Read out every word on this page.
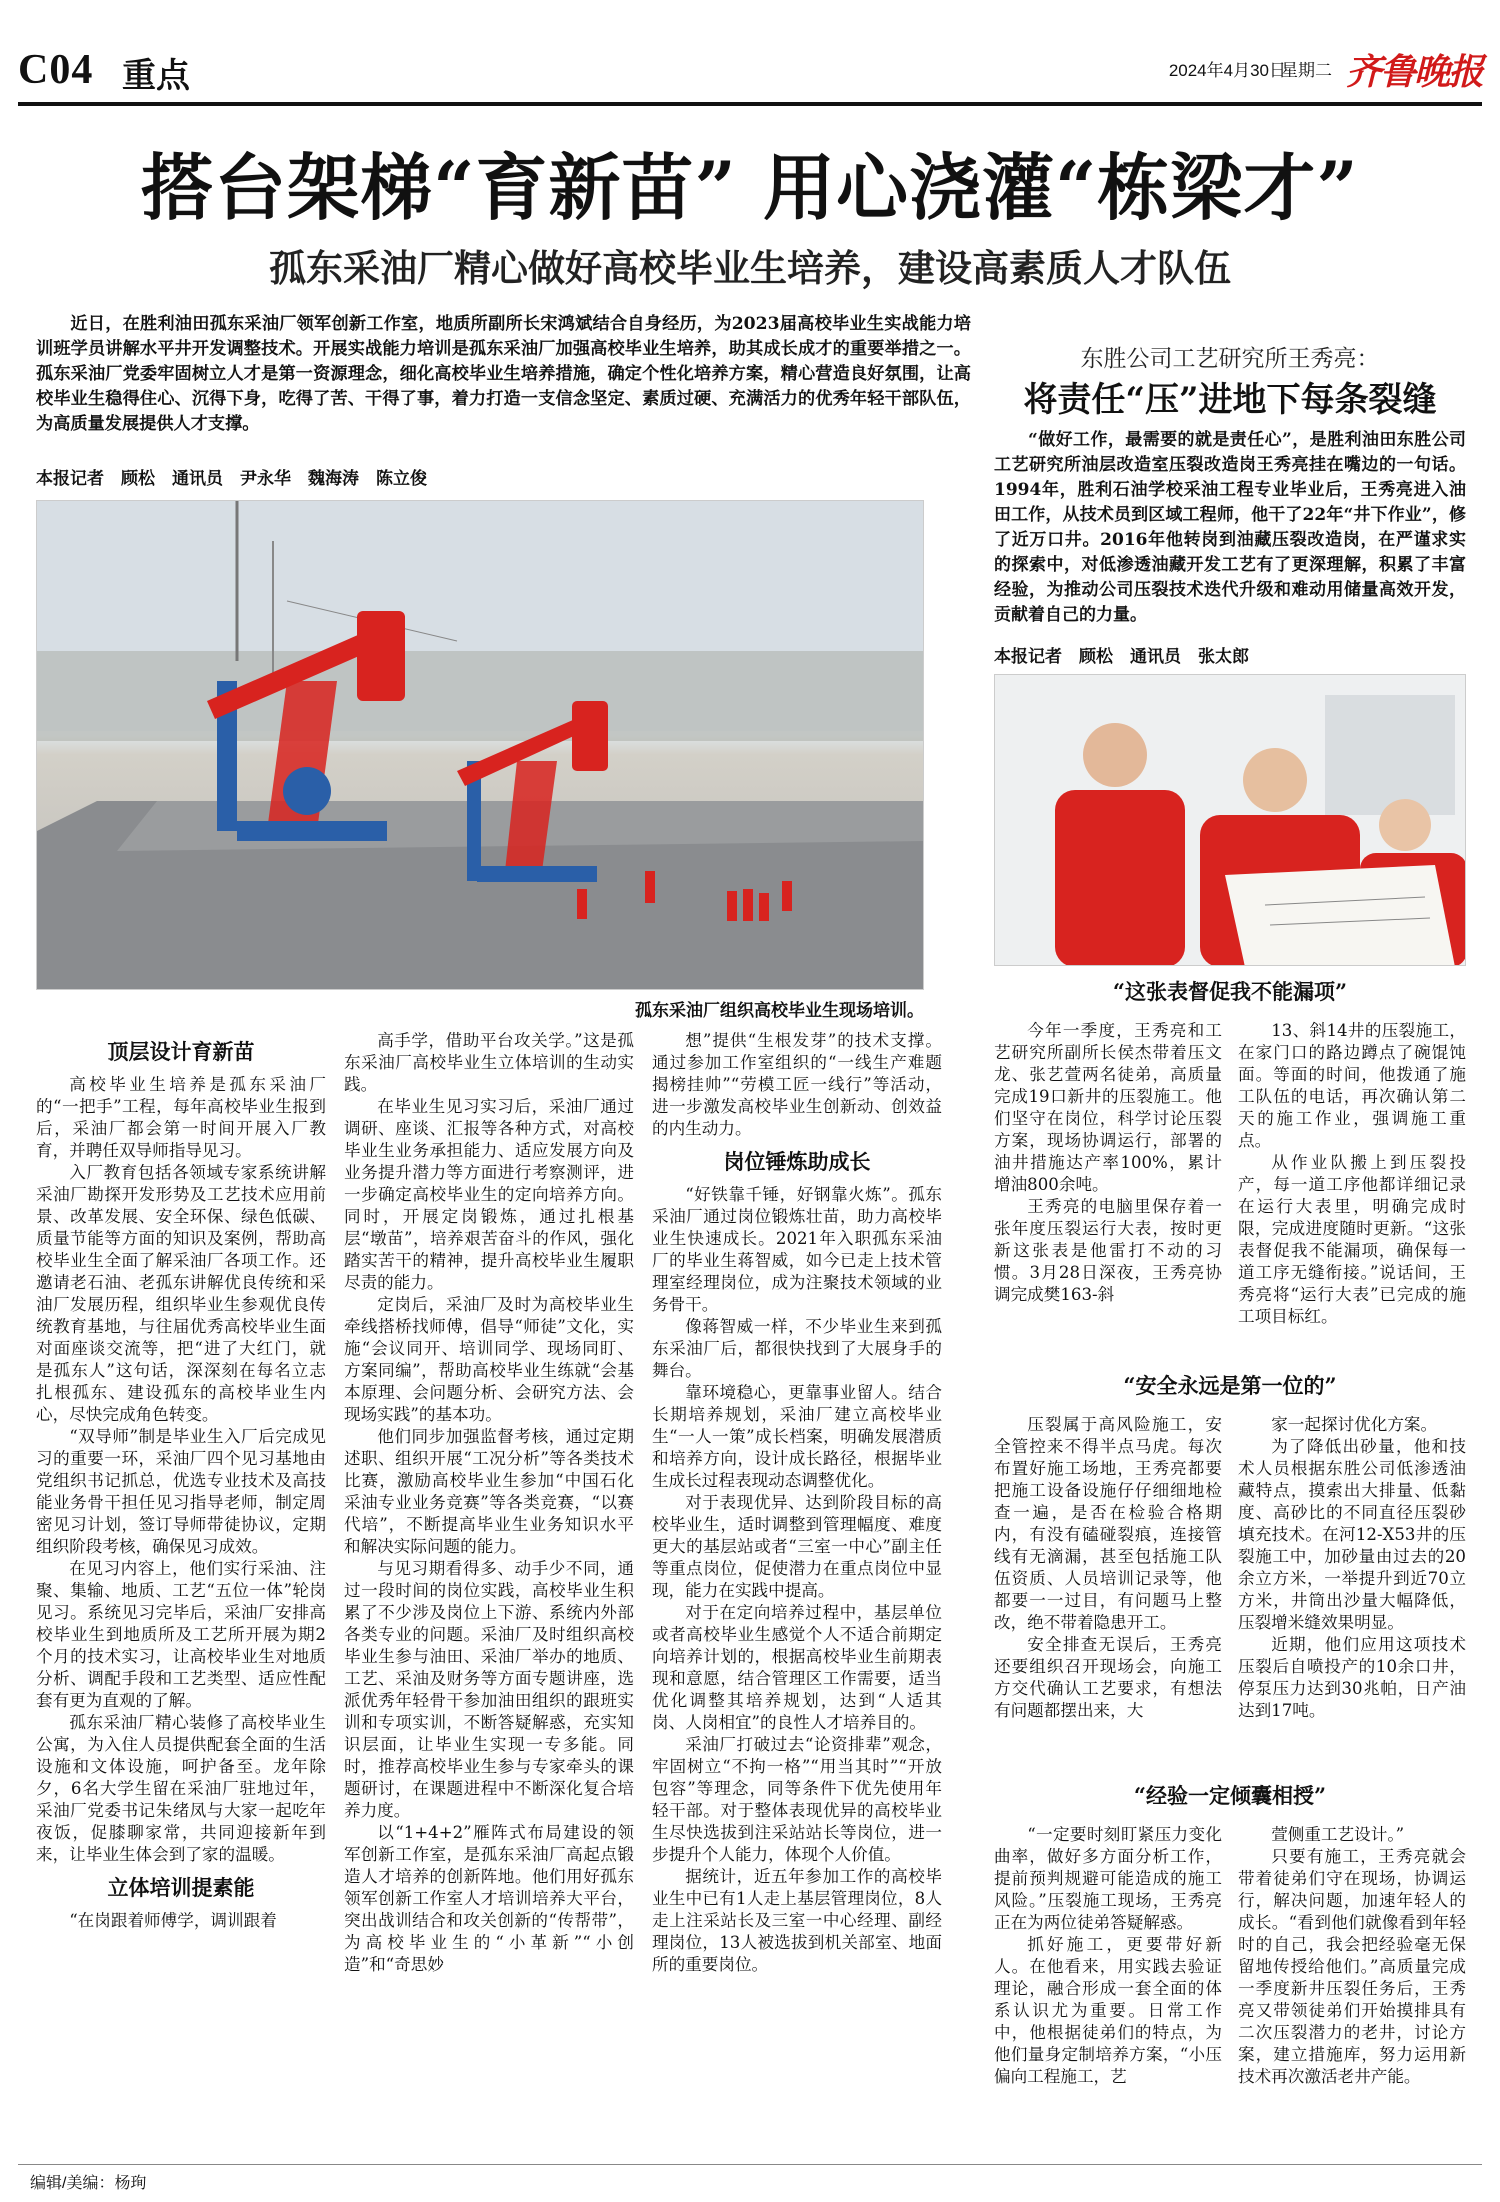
C04 重点	2024年4月30日
星期二 齐鲁晚报
搭台架梯“育新苗” 用心浇灌“栋梁才”
孤东采油厂精心做好高校毕业生培养，建设高素质人才队伍

近日，在胜利油田孤东采油厂领军创新工作室，地质所副所长宋鸿斌结合自身经历，为2023届高校毕业生实战能力培训班学员讲解水平井开发调整技术。开展实战能力培训是孤东采油厂加强高校毕业生培养，助其成长成才的重要举措之一。孤东采油厂党委牢固树立人才是第一资源理念，细化高校毕业生培养措施，确定个性化培养方案，精心营造良好氛围，让高校毕业生稳得住心、沉得下身，吃得了苦、干得了事，着力打造一支信念坚定、素质过硬、充满活力的优秀年轻干部队伍，为高质量发展提供人才支撑。

本报记者　顾松　通讯员　尹永华　魏海涛　陈立俊
孤东采油厂组织高校毕业生现场培训。
顶层设计育新苗

高校毕业生培养是孤东采油厂的“一把手”工程，每年高校毕业生报到后，采油厂都会第一时间开展入厂教育，并聘任双导师指导见习。

入厂教育包括各领域专家系统讲解采油厂勘探开发形势及工艺技术应用前景、改革发展、安全环保、绿色低碳、质量节能等方面的知识及案例，帮助高校毕业生全面了解采油厂各项工作。还邀请老石油、老孤东讲解优良传统和采油厂发展历程，组织毕业生参观优良传统教育基地，与往届优秀高校毕业生面对面座谈交流等，把“进了大红门，就是孤东人”这句话，深深刻在每名立志扎根孤东、建设孤东的高校毕业生内心，尽快完成角色转变。

“双导师”制是毕业生入厂后完成见习的重要一环，采油厂四个见习基地由党组织书记抓总，优选专业技术及高技能业务骨干担任见习指导老师，制定周密见习计划，签订导师带徒协议，定期组织阶段考核，确保见习成效。

在见习内容上，他们实行采油、注聚、集输、地质、工艺“五位一体”轮岗见习。系统见习完毕后，采油厂安排高校毕业生到地质所及工艺所开展为期2个月的技术实习，让高校毕业生对地质分析、调配手段和工艺类型、适应性配套有更为直观的了解。

孤东采油厂精心装修了高校毕业生公寓，为入住人员提供配套全面的生活设施和文体设施，呵护备至。龙年除夕，6名大学生留在采油厂驻地过年，采油厂党委书记朱绪凤与大家一起吃年夜饭，促膝聊家常，共同迎接新年到来，让毕业生体会到了家的温暖。

立体培训提素能

“在岗跟着师傅学，调训跟着

高手学，借助平台攻关学。”这是孤东采油厂高校毕业生立体培训的生动实践。

在毕业生见习实习后，采油厂通过调研、座谈、汇报等各种方式，对高校毕业生业务承担能力、适应发展方向及业务提升潜力等方面进行考察测评，进一步确定高校毕业生的定向培养方向。同时，开展定岗锻炼，通过扎根基层“墩苗”，培养艰苦奋斗的作风，强化踏实苦干的精神，提升高校毕业生履职尽责的能力。

定岗后，采油厂及时为高校毕业生牵线搭桥找师傅，倡导“师徒”文化，实施“会议同开、培训同学、现场同盯、方案同编”，帮助高校毕业生练就“会基本原理、会问题分析、会研究方法、会现场实践”的基本功。

他们同步加强监督考核，通过定期述职、组织开展“工况分析”等各类技术比赛，激励高校毕业生参加“中国石化采油专业业务竞赛”等各类竞赛，“以赛代培”，不断提高毕业生业务知识水平和解决实际问题的能力。

与见习期看得多、动手少不同，通过一段时间的岗位实践，高校毕业生积累了不少涉及岗位上下游、系统内外部各类专业的问题。采油厂及时组织高校毕业生参与油田、采油厂举办的地质、工艺、采油及财务等方面专题讲座，选派优秀年轻骨干参加油田组织的跟班实训和专项实训，不断答疑解惑，充实知识层面，让毕业生实现一专多能。同时，推荐高校毕业生参与专家牵头的课题研讨，在课题进程中不断深化复合培养力度。

以“1+4+2”雁阵式布局建设的领军创新工作室，是孤东采油厂高起点锻造人才培养的创新阵地。他们用好孤东领军创新工作室人才培训培养大平台，突出战训结合和攻关创新的“传帮带”，为高校毕业生的“小革新”“小创造”和“奇思妙

想”提供“生根发芽”的技术支撑。通过参加工作室组织的“一线生产难题揭榜挂帅”“劳模工匠一线行”等活动，进一步激发高校毕业生创新动、创效益的内生动力。

岗位锤炼助成长

“好铁靠千锤，好钢靠火炼”。孤东采油厂通过岗位锻炼壮苗，助力高校毕业生快速成长。2021年入职孤东采油厂的毕业生蒋智威，如今已走上技术管理室经理岗位，成为注聚技术领域的业务骨干。

像蒋智威一样，不少毕业生来到孤东采油厂后，都很快找到了大展身手的舞台。

靠环境稳心，更靠事业留人。结合长期培养规划，采油厂建立高校毕业生“一人一策”成长档案，明确发展潜质和培养方向，设计成长路径，根据毕业生成长过程表现动态调整优化。

对于表现优异、达到阶段目标的高校毕业生，适时调整到管理幅度、难度更大的基层站或者“三室一中心”副主任等重点岗位，促使潜力在重点岗位中显现，能力在实践中提高。

对于在定向培养过程中，基层单位或者高校毕业生感觉个人不适合前期定向培养计划的，根据高校毕业生前期表现和意愿，结合管理区工作需要，适当优化调整其培养规划，达到“人适其岗、人岗相宜”的良性人才培养目的。

采油厂打破过去“论资排辈”观念，牢固树立“不拘一格”“用当其时”“开放包容”等理念，同等条件下优先使用年轻干部。对于整体表现优异的高校毕业生尽快选拔到注采站站长等岗位，进一步提升个人能力，体现个人价值。

据统计，近五年参加工作的高校毕业生中已有1人走上基层管理岗位，8人走上注采站长及三室一中心经理、副经理岗位，13人被选拔到机关部室、地面所的重要岗位。

东胜公司工艺研究所王秀亮：
将责任“压”进地下每条裂缝

“做好工作，最需要的就是责任心”，是胜利油田东胜公司工艺研究所油层改造室压裂改造岗王秀亮挂在嘴边的一句话。1994年，胜利石油学校采油工程专业毕业后，王秀亮进入油田工作，从技术员到区域工程师，他干了22年“井下作业”，修了近万口井。2016年他转岗到油藏压裂改造岗，在严谨求实的探索中，对低渗透油藏开发工艺有了更深理解，积累了丰富经验，为推动公司压裂技术迭代升级和难动用储量高效开发，贡献着自己的力量。

本报记者　顾松　通讯员　张太郎
“这张表督促我不能漏项”

今年一季度，王秀亮和工艺研究所副所长侯杰带着压文龙、张艺萱两名徒弟，高质量完成19口新井的压裂施工。他们坚守在岗位，科学讨论压裂方案，现场协调运行，部署的油井措施达产率100%，累计增油800余吨。

王秀亮的电脑里保存着一张年度压裂运行大表，按时更新这张表是他雷打不动的习惯。3月28日深夜，王秀亮协调完成樊163-斜

13、斜14井的压裂施工，在家门口的路边蹲点了碗馄饨面。等面的时间，他拨通了施工队伍的电话，再次确认第二天的施工作业，强调施工重点。

从作业队搬上到压裂投产，每一道工序他都详细记录在运行大表里，明确完成时限，完成进度随时更新。“这张表督促我不能漏项，确保每一道工序无缝衔接。”说话间，王秀亮将“运行大表”已完成的施工项目标红。

“安全永远是第一位的”

压裂属于高风险施工，安全管控来不得半点马虎。每次布置好施工场地，王秀亮都要把施工设备设施仔仔细细地检查一遍，是否在检验合格期内，有没有磕碰裂痕，连接管线有无滴漏，甚至包括施工队伍资质、人员培训记录等，他都要一一过目，有问题马上整改，绝不带着隐患开工。

安全排查无误后，王秀亮还要组织召开现场会，向施工方交代确认工艺要求，有想法有问题都摆出来，大

家一起探讨优化方案。

为了降低出砂量，他和技术人员根据东胜公司低渗透油藏特点，摸索出大排量、低黏度、高砂比的不同直径压裂砂填充技术。在河12-X53井的压裂施工中，加砂量由过去的20余立方米，一举提升到近70立方米，井筒出沙量大幅降低，压裂增米缝效果明显。

近期，他们应用这项技术压裂后自喷投产的10余口井，停泵压力达到30兆帕，日产油达到17吨。

“经验一定倾囊相授”

“一定要时刻盯紧压力变化曲率，做好多方面分析工作，提前预判规避可能造成的施工风险。”压裂施工现场，王秀亮正在为两位徒弟答疑解惑。

抓好施工，更要带好新人。在他看来，用实践去验证理论，融合形成一套全面的体系认识尤为重要。日常工作中，他根据徒弟们的特点，为他们量身定制培养方案，“小压偏向工程施工，艺

萱侧重工艺设计。”

只要有施工，王秀亮就会带着徒弟们守在现场，协调运行，解决问题，加速年轻人的成长。“看到他们就像看到年轻时的自己，我会把经验毫无保留地传授给他们。”高质量完成一季度新井压裂任务后，王秀亮又带领徒弟们开始摸排具有二次压裂潜力的老井，讨论方案，建立措施库，努力运用新技术再次激活老井产能。

编辑/美编：杨珣
